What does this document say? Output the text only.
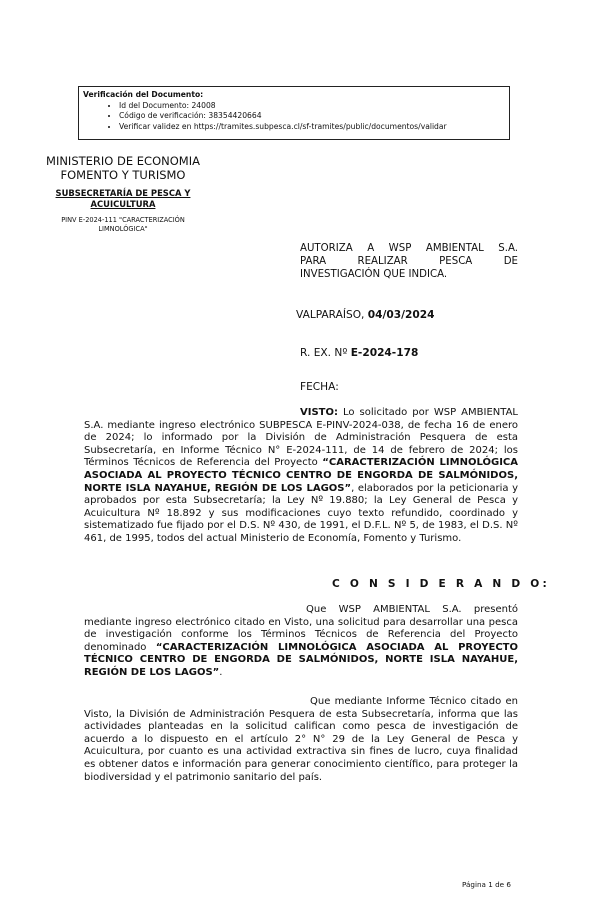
Verificación del Documento:
• Id del Documento: 24008
• Código de verificación: 38354420664
• Verificar validez en https://tramites.subpesca.cl/sf-tramites/public/documentos/validar
MINISTERIO DE ECONOMIA
FOMENTO Y TURISMO
SUBSECRETARÍA DE PESCA Y ACUICULTURA
PINV E-2024-111 "CARACTERIZACIÓN LIMNOLÓGICA"
AUTORIZA A WSP AMBIENTAL S.A.
PARA REALIZAR PESCA DE
INVESTIGACIÓN QUE INDICA.
VALPARAÍSO, 04/03/2024
R. EX. Nº E-2024-178
FECHA:
VISTO: Lo solicitado por WSP AMBIENTAL S.A. mediante ingreso electrónico SUBPESCA E-PINV-2024-038, de fecha 16 de enero de 2024; lo informado por la División de Administración Pesquera de esta Subsecretaría, en Informe Técnico N° E-2024-111, de 14 de febrero de 2024; los Términos Técnicos de Referencia del Proyecto “CARACTERIZACIÓN LIMNOLÓGICA ASOCIADA AL PROYECTO TÉCNICO CENTRO DE ENGORDA DE SALMÓNIDOS, NORTE ISLA NAYAHUE, REGIÓN DE LOS LAGOS”, elaborados por la peticionaria y aprobados por esta Subsecretaría; la Ley Nº 19.880; la Ley General de Pesca y Acuicultura Nº 18.892 y sus modificaciones cuyo texto refundido, coordinado y sistematizado fue fijado por el D.S. Nº 430, de 1991, el D.F.L. Nº 5, de 1983, el D.S. Nº 461, de 1995, todos del actual Ministerio de Economía, Fomento y Turismo.
C O N S I D E R A N D O:
Que WSP AMBIENTAL S.A. presentó mediante ingreso electrónico citado en Visto, una solicitud para desarrollar una pesca de investigación conforme los Términos Técnicos de Referencia del Proyecto denominado “CARACTERIZACIÓN LIMNOLÓGICA ASOCIADA AL PROYECTO TÉCNICO CENTRO DE ENGORDA DE SALMÓNIDOS, NORTE ISLA NAYAHUE, REGIÓN DE LOS LAGOS”.
Que mediante Informe Técnico citado en Visto, la División de Administración Pesquera de esta Subsecretaría, informa que las actividades planteadas en la solicitud califican como pesca de investigación de acuerdo a lo dispuesto en el artículo 2° N° 29 de la Ley General de Pesca y Acuicultura, por cuanto es una actividad extractiva sin fines de lucro, cuya finalidad es obtener datos e información para generar conocimiento científico, para proteger la biodiversidad y el patrimonio sanitario del país.
Página 1 de 6
